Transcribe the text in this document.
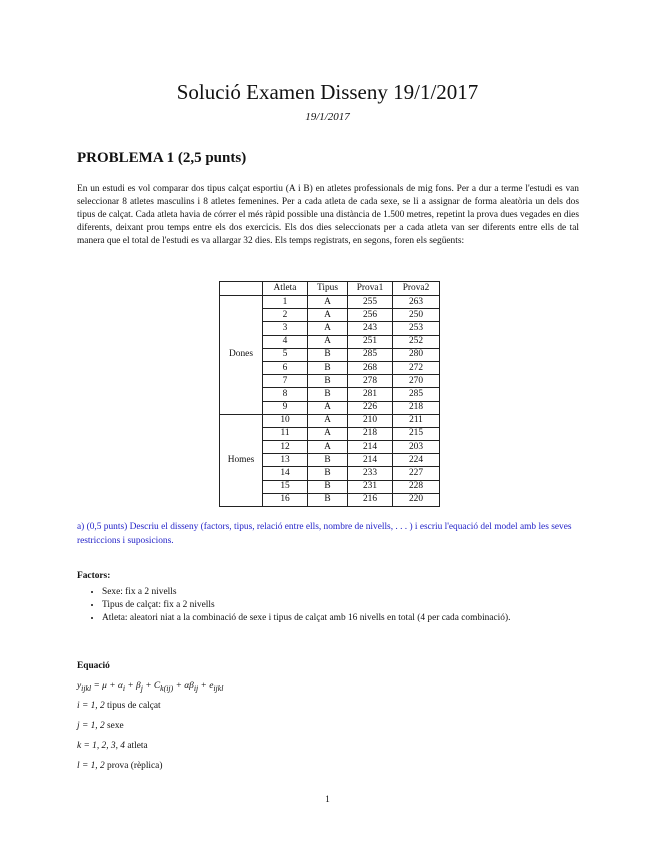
Solució Examen Disseny 19/1/2017
19/1/2017
PROBLEMA 1 (2,5 punts)
En un estudi es vol comparar dos tipus calçat esportiu (A i B) en atletes professionals de mig fons. Per a dur a terme l'estudi es van seleccionar 8 atletes masculins i 8 atletes femenines. Per a cada atleta de cada sexe, se li a assignar de forma aleatòria un dels dos tipus de calçat. Cada atleta havia de córrer el més ràpid possible una distància de 1.500 metres, repetint la prova dues vegades en dies diferents, deixant prou temps entre els dos exercicis. Els dos dies seleccionats per a cada atleta van ser diferents entre ells de tal manera que el total de l'estudi es va allargar 32 dies. Els temps registrats, en segons, foren els següents:
	Atleta	Tipus	Prova1	Prova2
Dones	1	A	255	263
	2	A	256	250
	3	A	243	253
	4	A	251	252
	5	B	285	280
	6	B	268	272
	7	B	278	270
	8	B	281	285
	9	A	226	218
Homes	10	A	210	211
	11	A	218	215
	12	A	214	203
	13	B	214	224
	14	B	233	227
	15	B	231	228
	16	B	216	220
a) (0,5 punts) Descriu el disseny (factors, tipus, relació entre ells, nombre de nivells, . . . ) i escriu l'equació del model amb les seves restriccions i suposicions.
Factors:
• Sexe: fix a 2 nivells
• Tipus de calçat: fix a 2 nivells
• Atleta: aleatori niat a la combinació de sexe i tipus de calçat amb 16 nivells en total (4 per cada combinació).
Equació
$y_{ijkl} = \mu + \alpha_i + \beta_j + C_{k(ij)} + \alpha\beta_{ij} + e_{ijkl}$
i = 1, 2 tipus de calçat
j = 1, 2 sexe
k = 1, 2, 3, 4 atleta
l = 1, 2 prova (rèplica)
1
